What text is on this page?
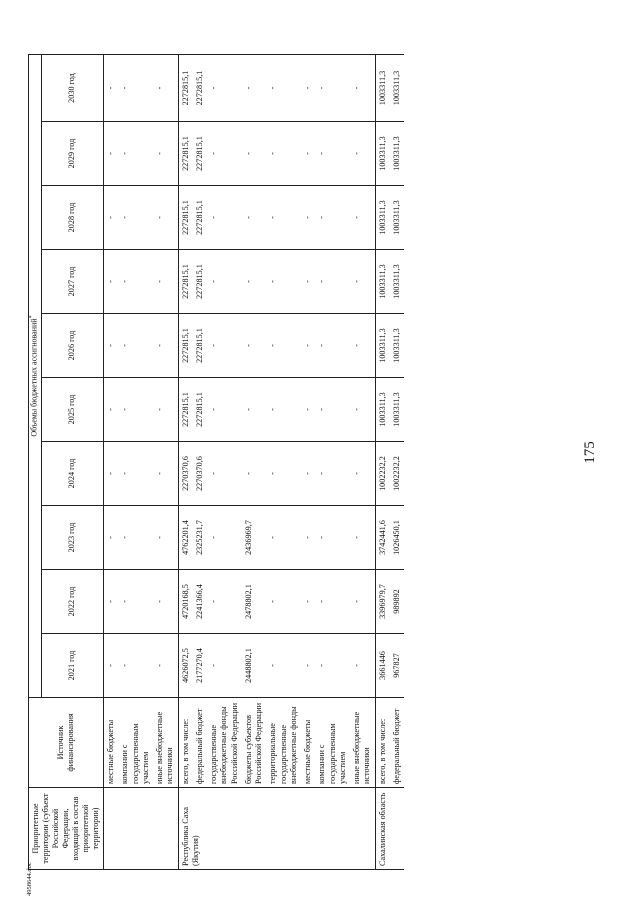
Приоритетные территории (субъект Российской Федерации, входящий в состав приоритетной территории)	Источник финансирования	Объемы бюджетных ассигнований*
		2021 год	2022 год	2023 год	2024 год	2025 год	2026 год	2027 год	2028 год	2029 год	2030 год
	местные бюджеты	-	-	-	-	-	-	-	-	-	-
	компании с государственным участием	-	-	-	-	-	-	-	-	-	-
	иные внебюджетные источники	-	-	-	-	-	-	-	-	-	-
Республика Саха (Якутия)	всего, в том числе:	4626072,5	4720168,5	4762201,4	2270370,6	2272815,1	2272815,1	2272815,1	2272815,1	2272815,1	2272815,1
	федеральный бюджет	2177270,4	2241366,4	2325231,7	2270370,6	2272815,1	2272815,1	2272815,1	2272815,1	2272815,1	2272815,1
	государственные внебюджетные фонды Российской Федерации	-	-	-	-	-	-	-	-	-	-
	бюджеты субъектов Российской Федерации	2448802,1	2478802,1	2436969,7	-	-	-	-	-	-	-
	территориальные государственные внебюджетные фонды	-	-	-	-	-	-	-	-	-	-
	местные бюджеты	-	-	-	-	-	-	-	-	-	-
	компании с государственным участием	-	-	-	-	-	-	-	-	-	-
	иные внебюджетные источники	-	-	-	-	-	-	-	-	-	-
Сахалинская область	всего, в том числе:	3661446	3396979,7	3742441,6	1002232,2	1003311,3	1003311,3	1003311,3	1003311,3	1003311,3	1003311,3
	федеральный бюджет	967827	989892	1026450,1	1002232,2	1003311,3	1003311,3	1003311,3	1003311,3	1003311,3	1003311,3
175
4958644.doc
